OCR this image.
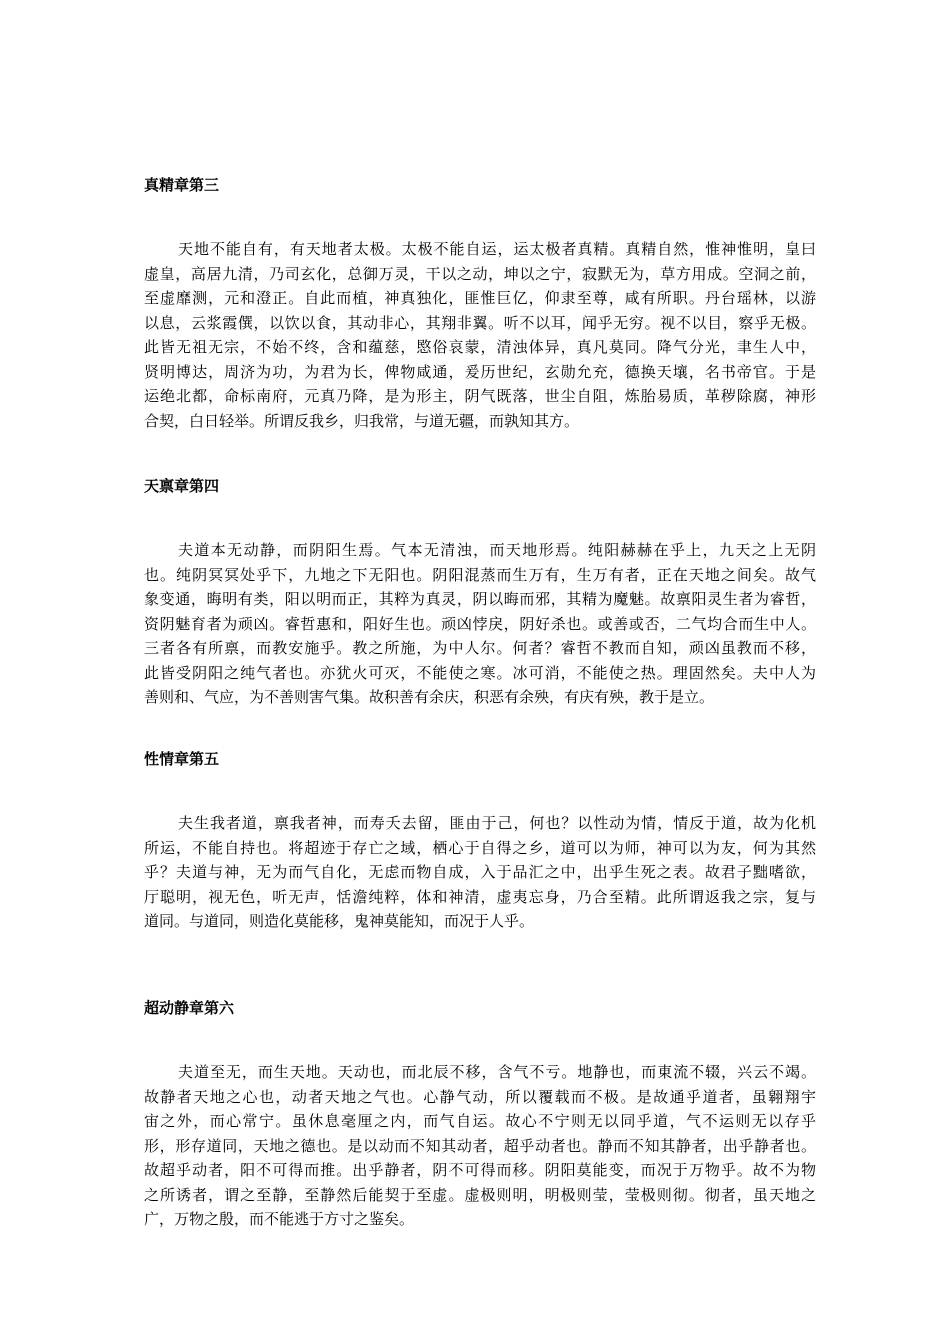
真精章第三

天地不能自有，有天地者太极。太极不能自运，运太极者真精。真精自然，惟神惟明，皇曰
虚皇，高居九清，乃司玄化，总御万灵，干以之动，坤以之宁，寂默无为，草方用成。空洞之前，
至虚靡测，元和澄正。自此而植，神真独化，匪惟巨亿，仰隶至尊，咸有所职。丹台瑶林，以游
以息，云浆霞僎，以饮以食，其动非心，其翔非翼。听不以耳，闻乎无穷。视不以目，察乎无极。
此皆无祖无宗，不始不终，含和蕴慈，愍俗哀蒙，清浊体异，真凡莫同。降气分光，聿生人中，
贤明博达，周济为功，为君为长，俾物咸通，爰历世纪，玄勋允充，德换天壤，名书帝官。于是
运绝北都，命标南府，元真乃降，是为形主，阴气既落，世尘自阻，炼胎易质，革秽除腐，神形
合契，白日轻举。所谓反我乡，归我常，与道无疆，而孰知其方。

天禀章第四

夫道本无动静，而阴阳生焉。气本无清浊，而天地形焉。纯阳赫赫在乎上，九天之上无阴
也。纯阴冥冥处乎下，九地之下无阳也。阴阳混蒸而生万有，生万有者，正在天地之间矣。故气
象变通，晦明有类，阳以明而正，其粹为真灵，阴以晦而邪，其精为魔魅。故禀阳灵生者为睿哲，
资阴魅育者为顽凶。睿哲惠和，阳好生也。顽凶悖戾，阴好杀也。或善或否，二气均合而生中人。
三者各有所禀，而教安施乎。教之所施，为中人尔。何者？睿哲不教而自知，顽凶虽教而不移，
此皆受阴阳之纯气者也。亦犹火可灭，不能使之寒。冰可消，不能使之热。理固然矣。夫中人为
善则和、气应，为不善则害气集。故积善有余庆，积恶有余殃，有庆有殃，教于是立。

性情章第五

夫生我者道，禀我者神，而寿夭去留，匪由于己，何也？以性动为情，情反于道，故为化机
所运，不能自持也。将超迹于存亡之域，栖心于自得之乡，道可以为师，神可以为友，何为其然
乎？夫道与神，无为而气自化，无虑而物自成，入于品汇之中，出乎生死之表。故君子黜嗜欲，
厅聪明，视无色，听无声，恬澹纯粹，体和神清，虚夷忘身，乃合至精。此所谓返我之宗，复与
道同。与道同，则造化莫能移，鬼神莫能知，而况于人乎。

超动静章第六

夫道至无，而生天地。天动也，而北辰不移，含气不亏。地静也，而東流不辍，兴云不竭。
故静者天地之心也，动者天地之气也。心静气动，所以覆载而不极。是故通乎道者，虽翱翔宇
宙之外，而心常宁。虽休息毫厘之内，而气自运。故心不宁则无以同乎道，气不运则无以存乎
形，形存道同，天地之德也。是以动而不知其动者，超乎动者也。静而不知其静者，出乎静者也。
故超乎动者，阳不可得而推。出乎静者，阴不可得而移。阴阳莫能变，而况于万物乎。故不为物
之所诱者，谓之至静，至静然后能契于至虚。虚极则明，明极则莹，莹极则彻。彻者，虽天地之
广，万物之殷，而不能逃于方寸之鉴矣。
